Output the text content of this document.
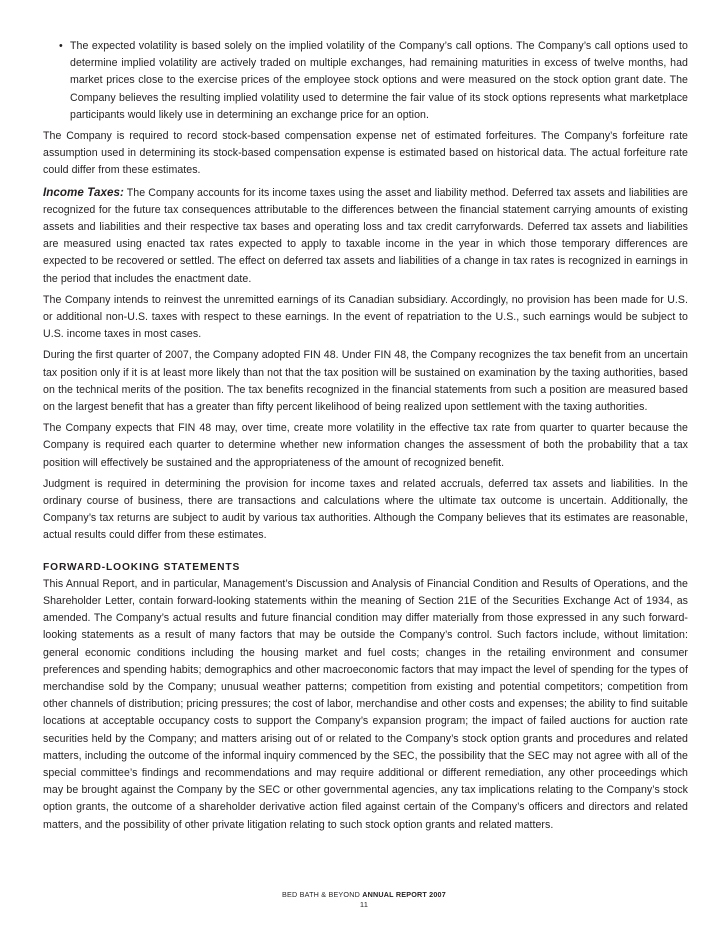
• The expected volatility is based solely on the implied volatility of the Company’s call options. The Company’s call options used to determine implied volatility are actively traded on multiple exchanges, had remaining maturities in excess of twelve months, had market prices close to the exercise prices of the employee stock options and were measured on the stock option grant date. The Company believes the resulting implied volatility used to determine the fair value of its stock options represents what marketplace participants would likely use in determining an exchange price for an option.

The Company is required to record stock-based compensation expense net of estimated forfeitures. The Company’s forfeiture rate assumption used in determining its stock-based compensation expense is estimated based on historical data. The actual forfeiture rate could differ from these estimates.

Income Taxes: The Company accounts for its income taxes using the asset and liability method. Deferred tax assets and liabilities are recognized for the future tax consequences attributable to the differences between the financial statement carrying amounts of existing assets and liabilities and their respective tax bases and operating loss and tax credit carryforwards. Deferred tax assets and liabilities are measured using enacted tax rates expected to apply to taxable income in the year in which those temporary differences are expected to be recovered or settled. The effect on deferred tax assets and liabilities of a change in tax rates is recognized in earnings in the period that includes the enactment date.

The Company intends to reinvest the unremitted earnings of its Canadian subsidiary. Accordingly, no provision has been made for U.S. or additional non-U.S. taxes with respect to these earnings. In the event of repatriation to the U.S., such earnings would be subject to U.S. income taxes in most cases.

During the first quarter of 2007, the Company adopted FIN 48. Under FIN 48, the Company recognizes the tax benefit from an uncertain tax position only if it is at least more likely than not that the tax position will be sustained on examination by the taxing authorities, based on the technical merits of the position. The tax benefits recognized in the financial statements from such a position are measured based on the largest benefit that has a greater than fifty percent likelihood of being realized upon settlement with the taxing authorities.

The Company expects that FIN 48 may, over time, create more volatility in the effective tax rate from quarter to quarter because the Company is required each quarter to determine whether new information changes the assessment of both the probability that a tax position will effectively be sustained and the appropriateness of the amount of recognized benefit.

Judgment is required in determining the provision for income taxes and related accruals, deferred tax assets and liabilities. In the ordinary course of business, there are transactions and calculations where the ultimate tax outcome is uncertain. Additionally, the Company’s tax returns are subject to audit by various tax authorities. Although the Company believes that its estimates are reasonable, actual results could differ from these estimates.

FORWARD-LOOKING STATEMENTS

This Annual Report, and in particular, Management’s Discussion and Analysis of Financial Condition and Results of Operations, and the Shareholder Letter, contain forward-looking statements within the meaning of Section 21E of the Securities Exchange Act of 1934, as amended. The Company’s actual results and future financial condition may differ materially from those expressed in any such forward-looking statements as a result of many factors that may be outside the Company’s control. Such factors include, without limitation: general economic conditions including the housing market and fuel costs; changes in the retailing environment and consumer preferences and spending habits; demographics and other macroeconomic factors that may impact the level of spending for the types of merchandise sold by the Company; unusual weather patterns; competition from existing and potential competitors; competition from other channels of distribution; pricing pressures; the cost of labor, merchandise and other costs and expenses; the ability to find suitable locations at acceptable occupancy costs to support the Company’s expansion program; the impact of failed auctions for auction rate securities held by the Company; and matters arising out of or related to the Company’s stock option grants and procedures and related matters, including the outcome of the informal inquiry commenced by the SEC, the possibility that the SEC may not agree with all of the special committee’s findings and recommendations and may require additional or different remediation, any other proceedings which may be brought against the Company by the SEC or other governmental agencies, any tax implications relating to the Company’s stock option grants, the outcome of a shareholder derivative action filed against certain of the Company’s officers and directors and related matters, and the possibility of other private litigation relating to such stock option grants and related matters.

BED BATH & BEYOND ANNUAL REPORT 2007
11
